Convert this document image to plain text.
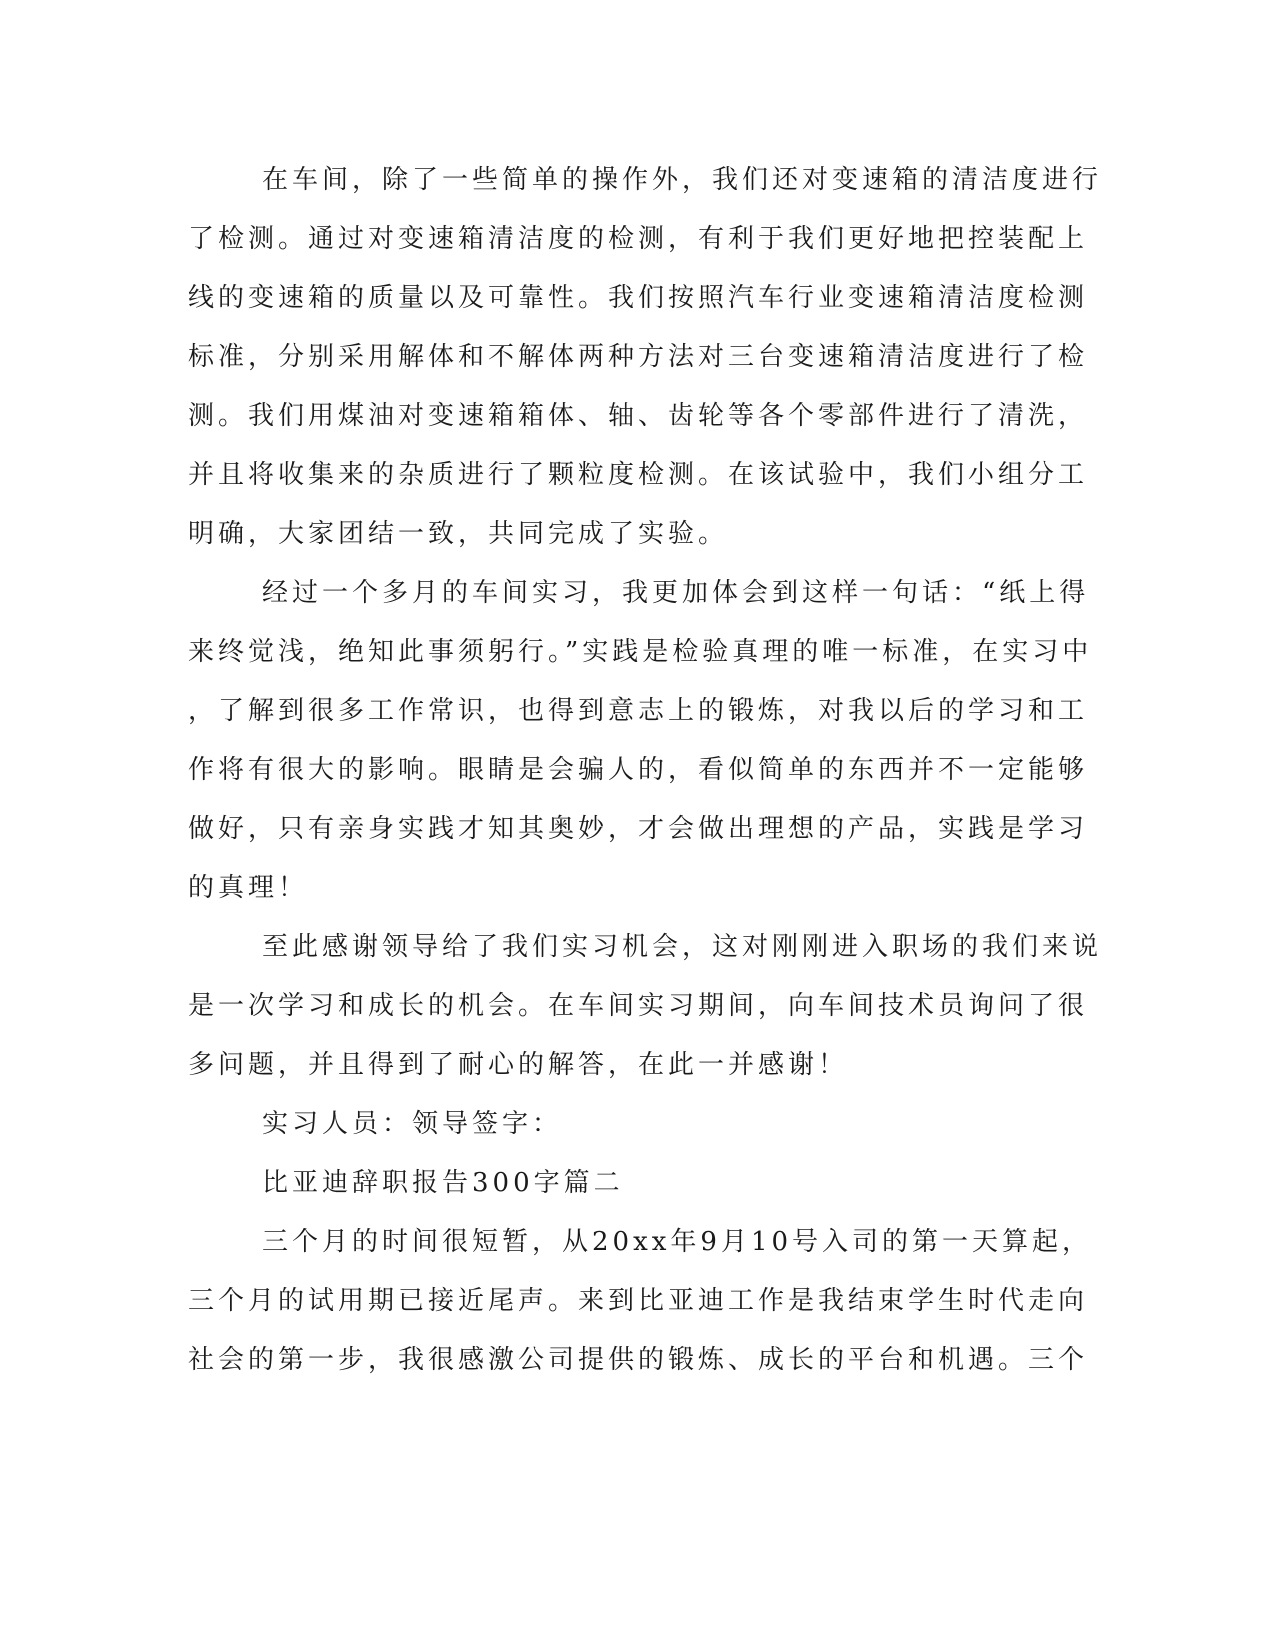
在车间，除了一些简单的操作外，我们还对变速箱的清洁度进行
了检测。通过对变速箱清洁度的检测，有利于我们更好地把控装配上
线的变速箱的质量以及可靠性。我们按照汽车行业变速箱清洁度检测
标准，分别采用解体和不解体两种方法对三台变速箱清洁度进行了检
测。我们用煤油对变速箱箱体、轴、齿轮等各个零部件进行了清洗，
并且将收集来的杂质进行了颗粒度检测。在该试验中，我们小组分工
明确，大家团结一致，共同完成了实验。
经过一个多月的车间实习，我更加体会到这样一句话：“纸上得
来终觉浅，绝知此事须躬行。”实践是检验真理的唯一标准，在实习中
，了解到很多工作常识，也得到意志上的锻炼，对我以后的学习和工
作将有很大的影响。眼睛是会骗人的，看似简单的东西并不一定能够
做好，只有亲身实践才知其奥妙，才会做出理想的产品，实践是学习
的真理！
至此感谢领导给了我们实习机会，这对刚刚进入职场的我们来说
是一次学习和成长的机会。在车间实习期间，向车间技术员询问了很
多问题，并且得到了耐心的解答，在此一并感谢！
实习人员：领导签字：
比亚迪辞职报告300字篇二
三个月的时间很短暂，从20xx年9月10号入司的第一天算起，
三个月的试用期已接近尾声。来到比亚迪工作是我结束学生时代走向
社会的第一步，我很感激公司提供的锻炼、成长的平台和机遇。三个
